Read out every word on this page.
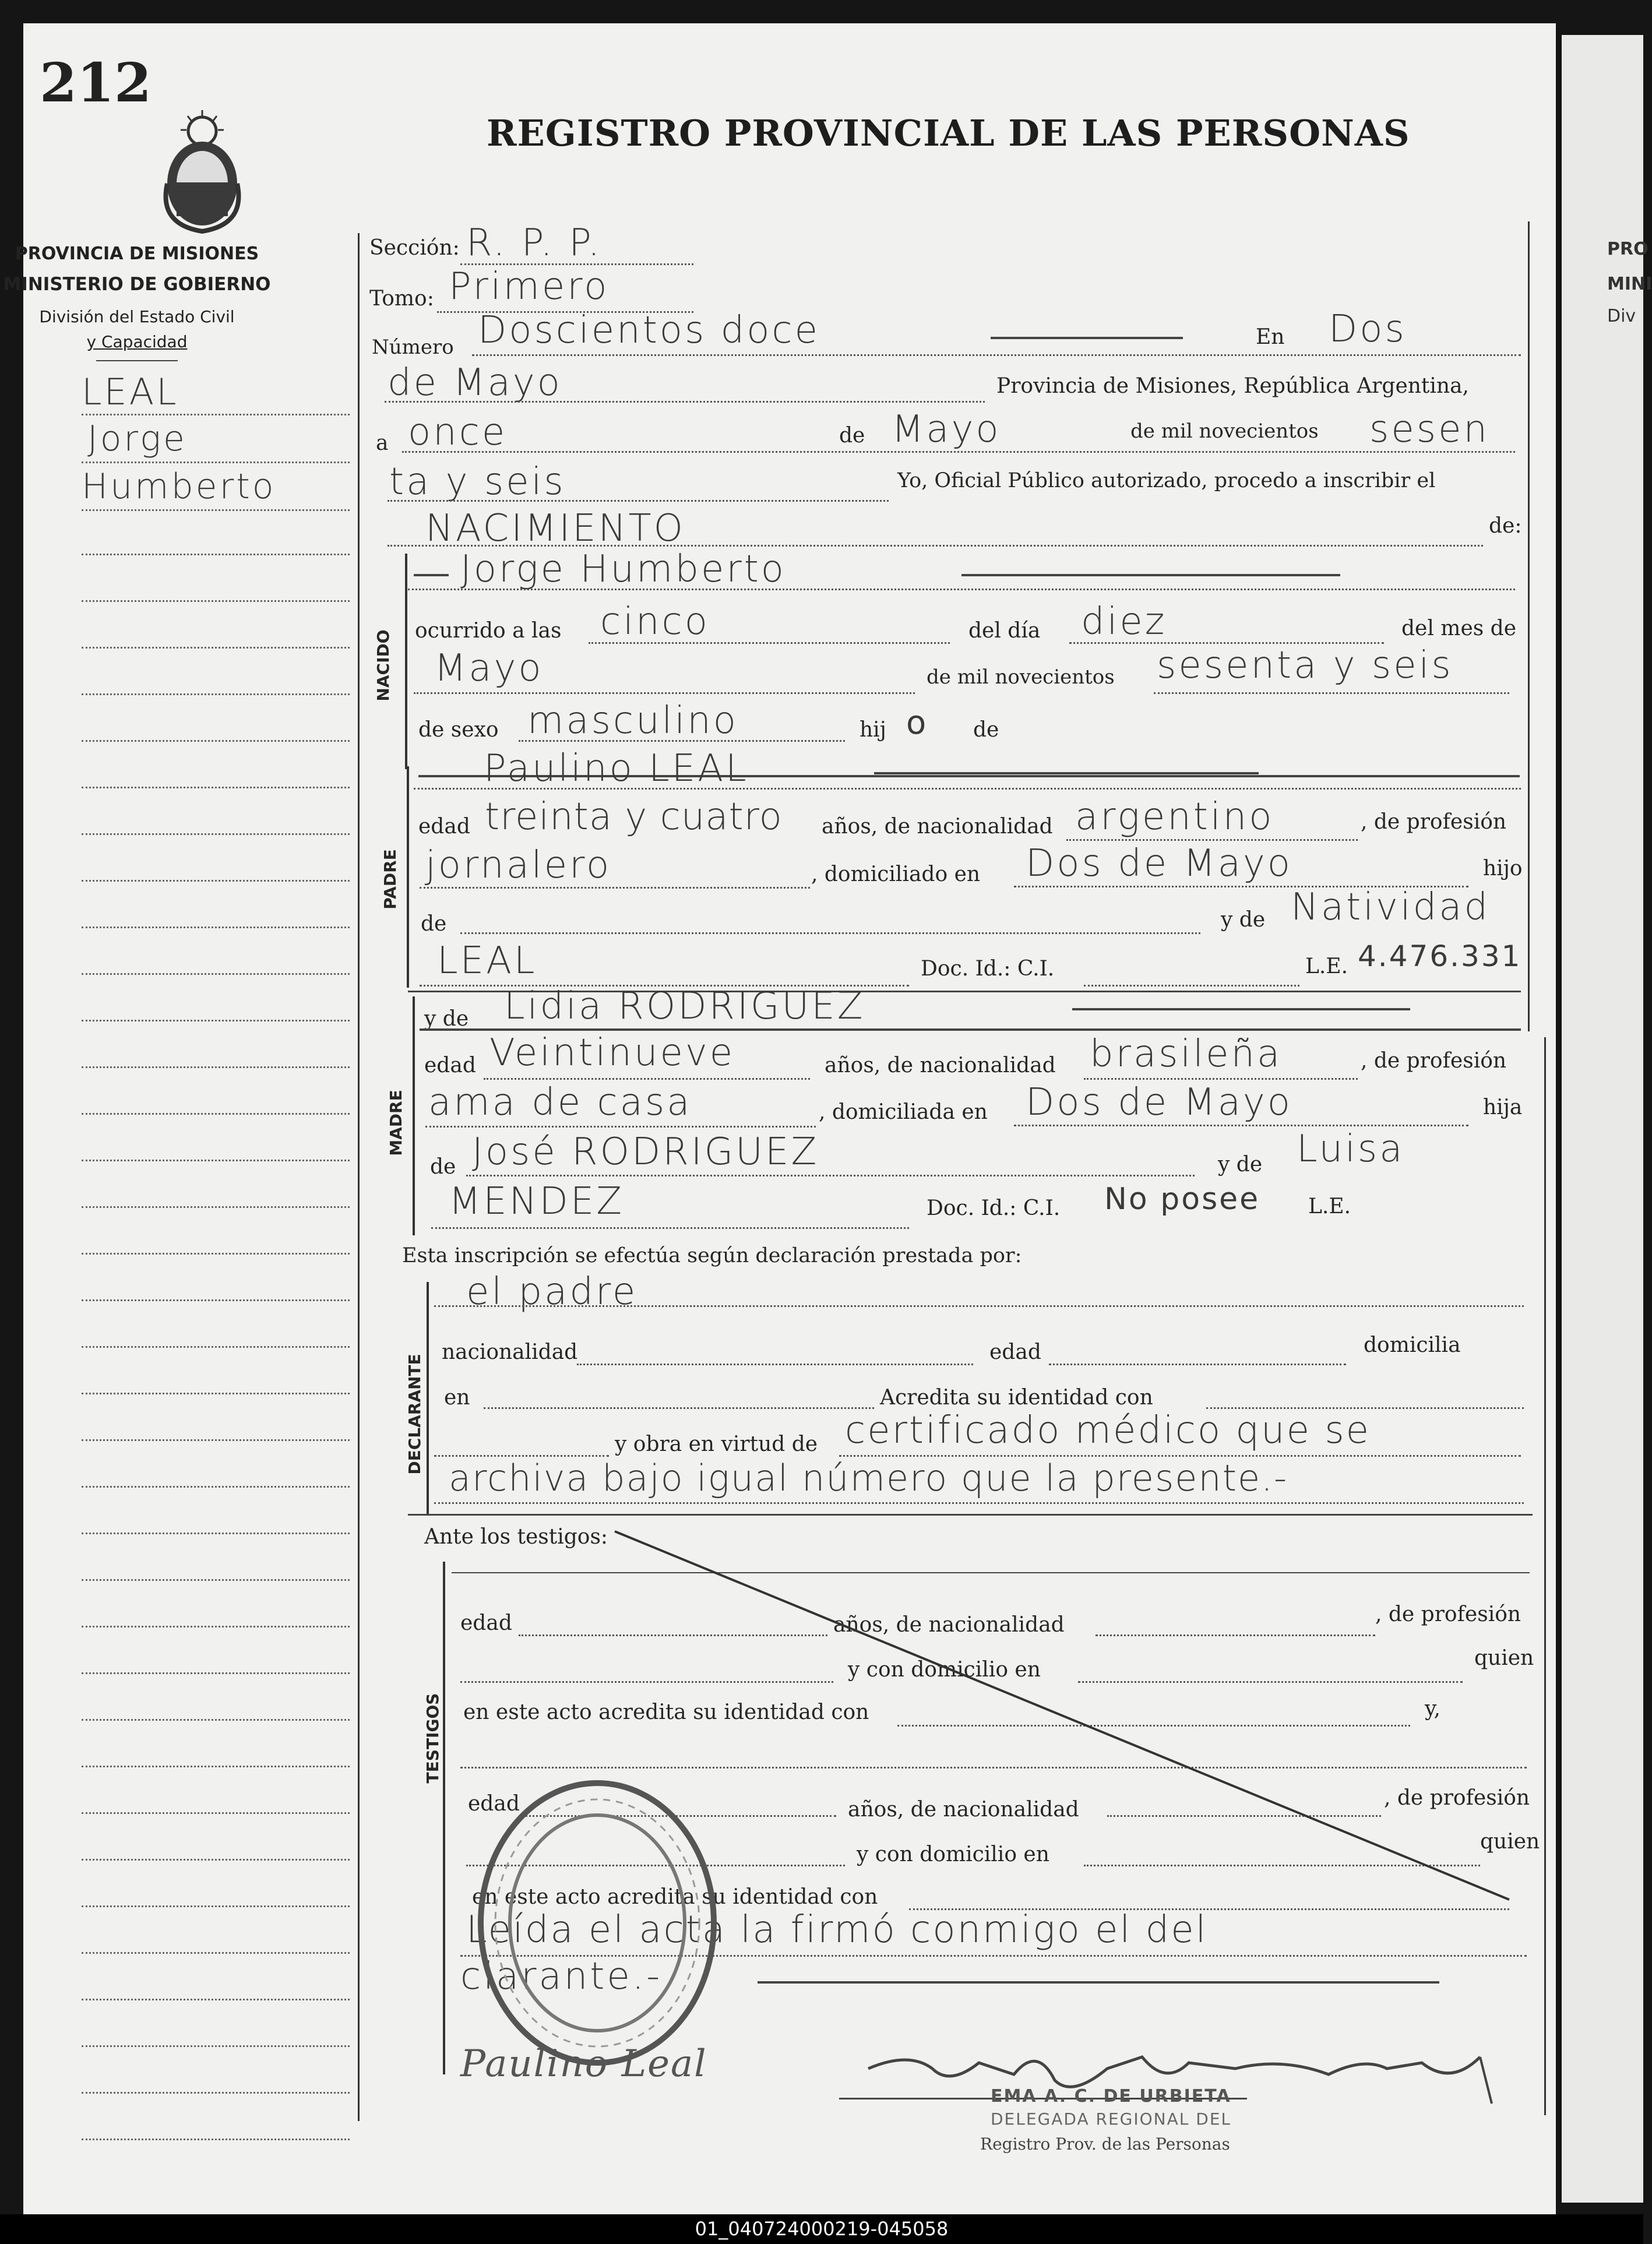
PRO
MINI
Div
212
REGISTRO PROVINCIAL DE LAS PERSONAS
PROVINCIA DE MISIONES
MINISTERIO DE GOBIERNO
División del Estado Civil
y Capacidad
LEAL
Jorge
Humberto
Sección: R. P. P.
Tomo: Primero
Número Doscientos doce	En Dos
de Mayo	Provincia de Misiones, República Argentina,
a once	de Mayo	de mil novecientos sesen
ta y seis	Yo, Oficial Público autorizado, procedo a inscribir el
NACIMIENTO	de:
NACIDO
Jorge Humberto
ocurrido a las cinco	del día diez	del mes de
Mayo	de mil novecientos sesenta y seis
de sexo masculino	hij o de
PADRE
Paulino LEAL
edad treinta y cuatro años, de nacionalidad argentino	, de profesión
jornalero	, domiciliado en Dos de Mayo	hijo
de	y de Natividad
LEAL	Doc. Id.: C.I.	L.E. 4.476.331
MADRE
y de Lidia RODRIGUEZ
edad Veintinueve	años, de nacionalidad brasileña	, de profesión
ama de casa	, domiciliada en Dos de Mayo	hija
de José RODRIGUEZ	y de Luisa
MENDEZ	Doc. Id.: C.I. No posee L.E.
Esta inscripción se efectúa según declaración prestada por:
DECLARANTE
el padre
nacionalidad	edad	domicilia
en	Acredita su identidad con
y obra en virtud de certificado médico que se
archiva bajo igual número que la presente.-
Ante los testigos:
TESTIGOS
edad	años, de nacionalidad	, de profesión
y con domicilio en	quien
en este acto acredita su identidad con	y,
edad	años, de nacionalidad	, de profesión
y con domicilio en
quien
en este acto acredita su identidad con
Leída el acta la firmó conmigo el del
clarante.-
Paulino Leal
EMA A. C. DE URBIETA
DELEGADA REGIONAL DEL
Registro Prov. de las Personas
01_040724000219-045058
